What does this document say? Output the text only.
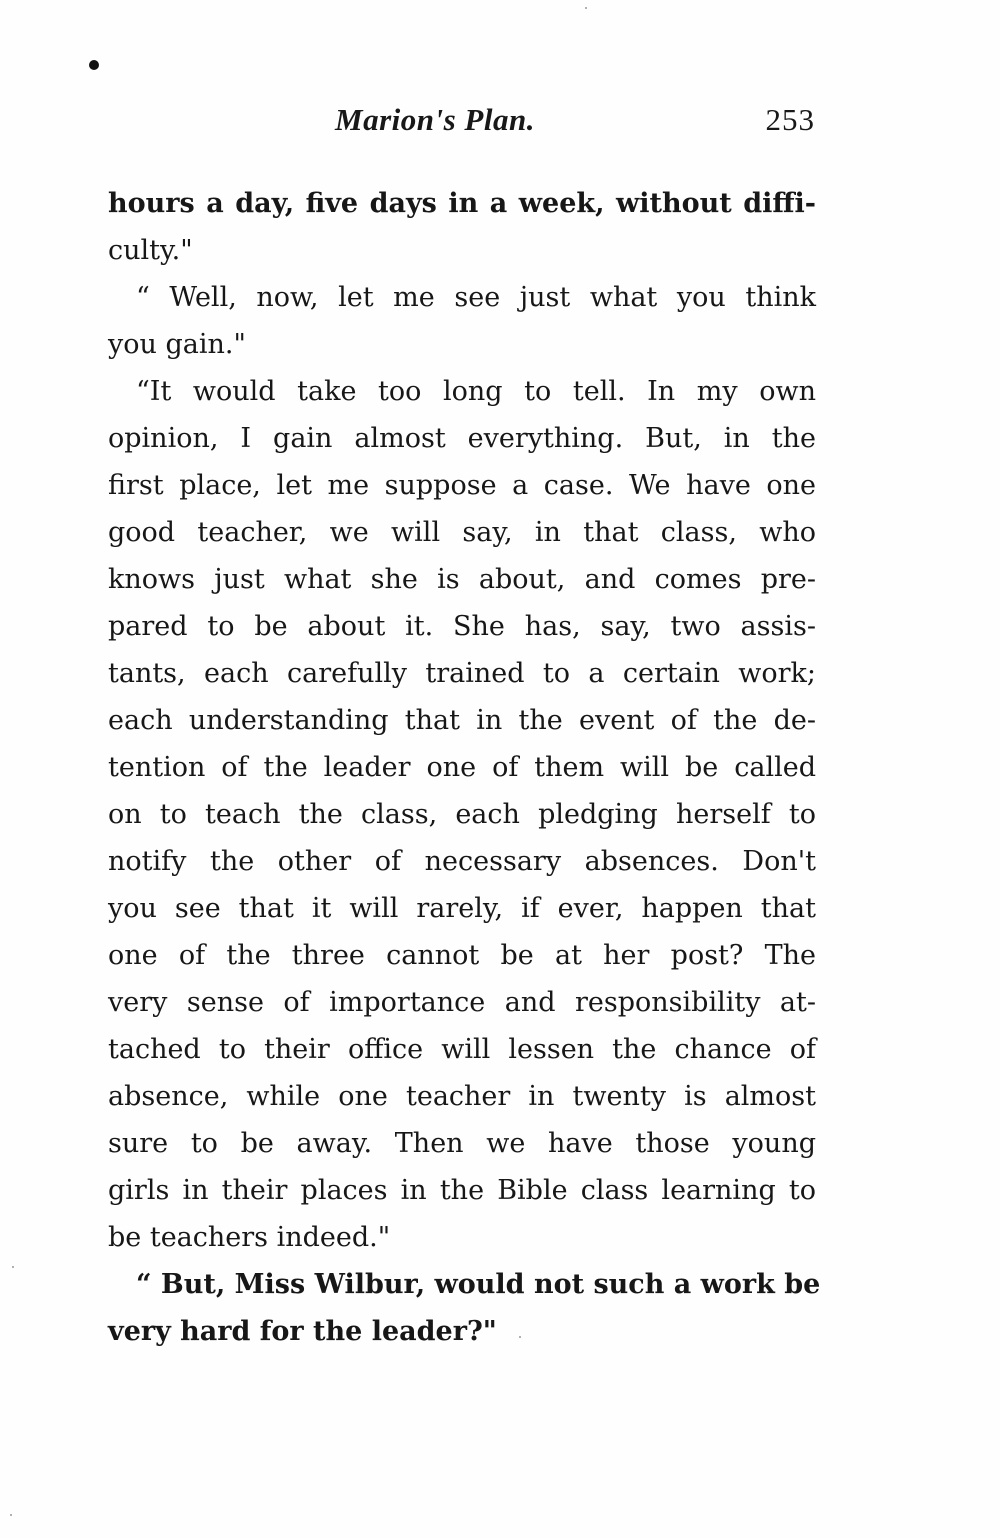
Marion's Plan.	253
hours a day, five days in a week, without diffi-
culty."
“ Well, now, let me see just what you think
you gain."
“It would take too long to tell. In my own
opinion, I gain almost everything. But, in the
first place, let me suppose a case. We have one
good teacher, we will say, in that class, who
knows just what she is about, and comes pre-
pared to be about it. She has, say, two assis-
tants, each carefully trained to a certain work;
each understanding that in the event of the de-
tention of the leader one of them will be called
on to teach the class, each pledging herself to
notify the other of necessary absences. Don't
you see that it will rarely, if ever, happen that
one of the three cannot be at her post? The
very sense of importance and responsibility at-
tached to their office will lessen the chance of
absence, while one teacher in twenty is almost
sure to be away. Then we have those young
girls in their places in the Bible class learning to
be teachers indeed."
“ But, Miss Wilbur, would not such a work be
very hard for the leader?"
